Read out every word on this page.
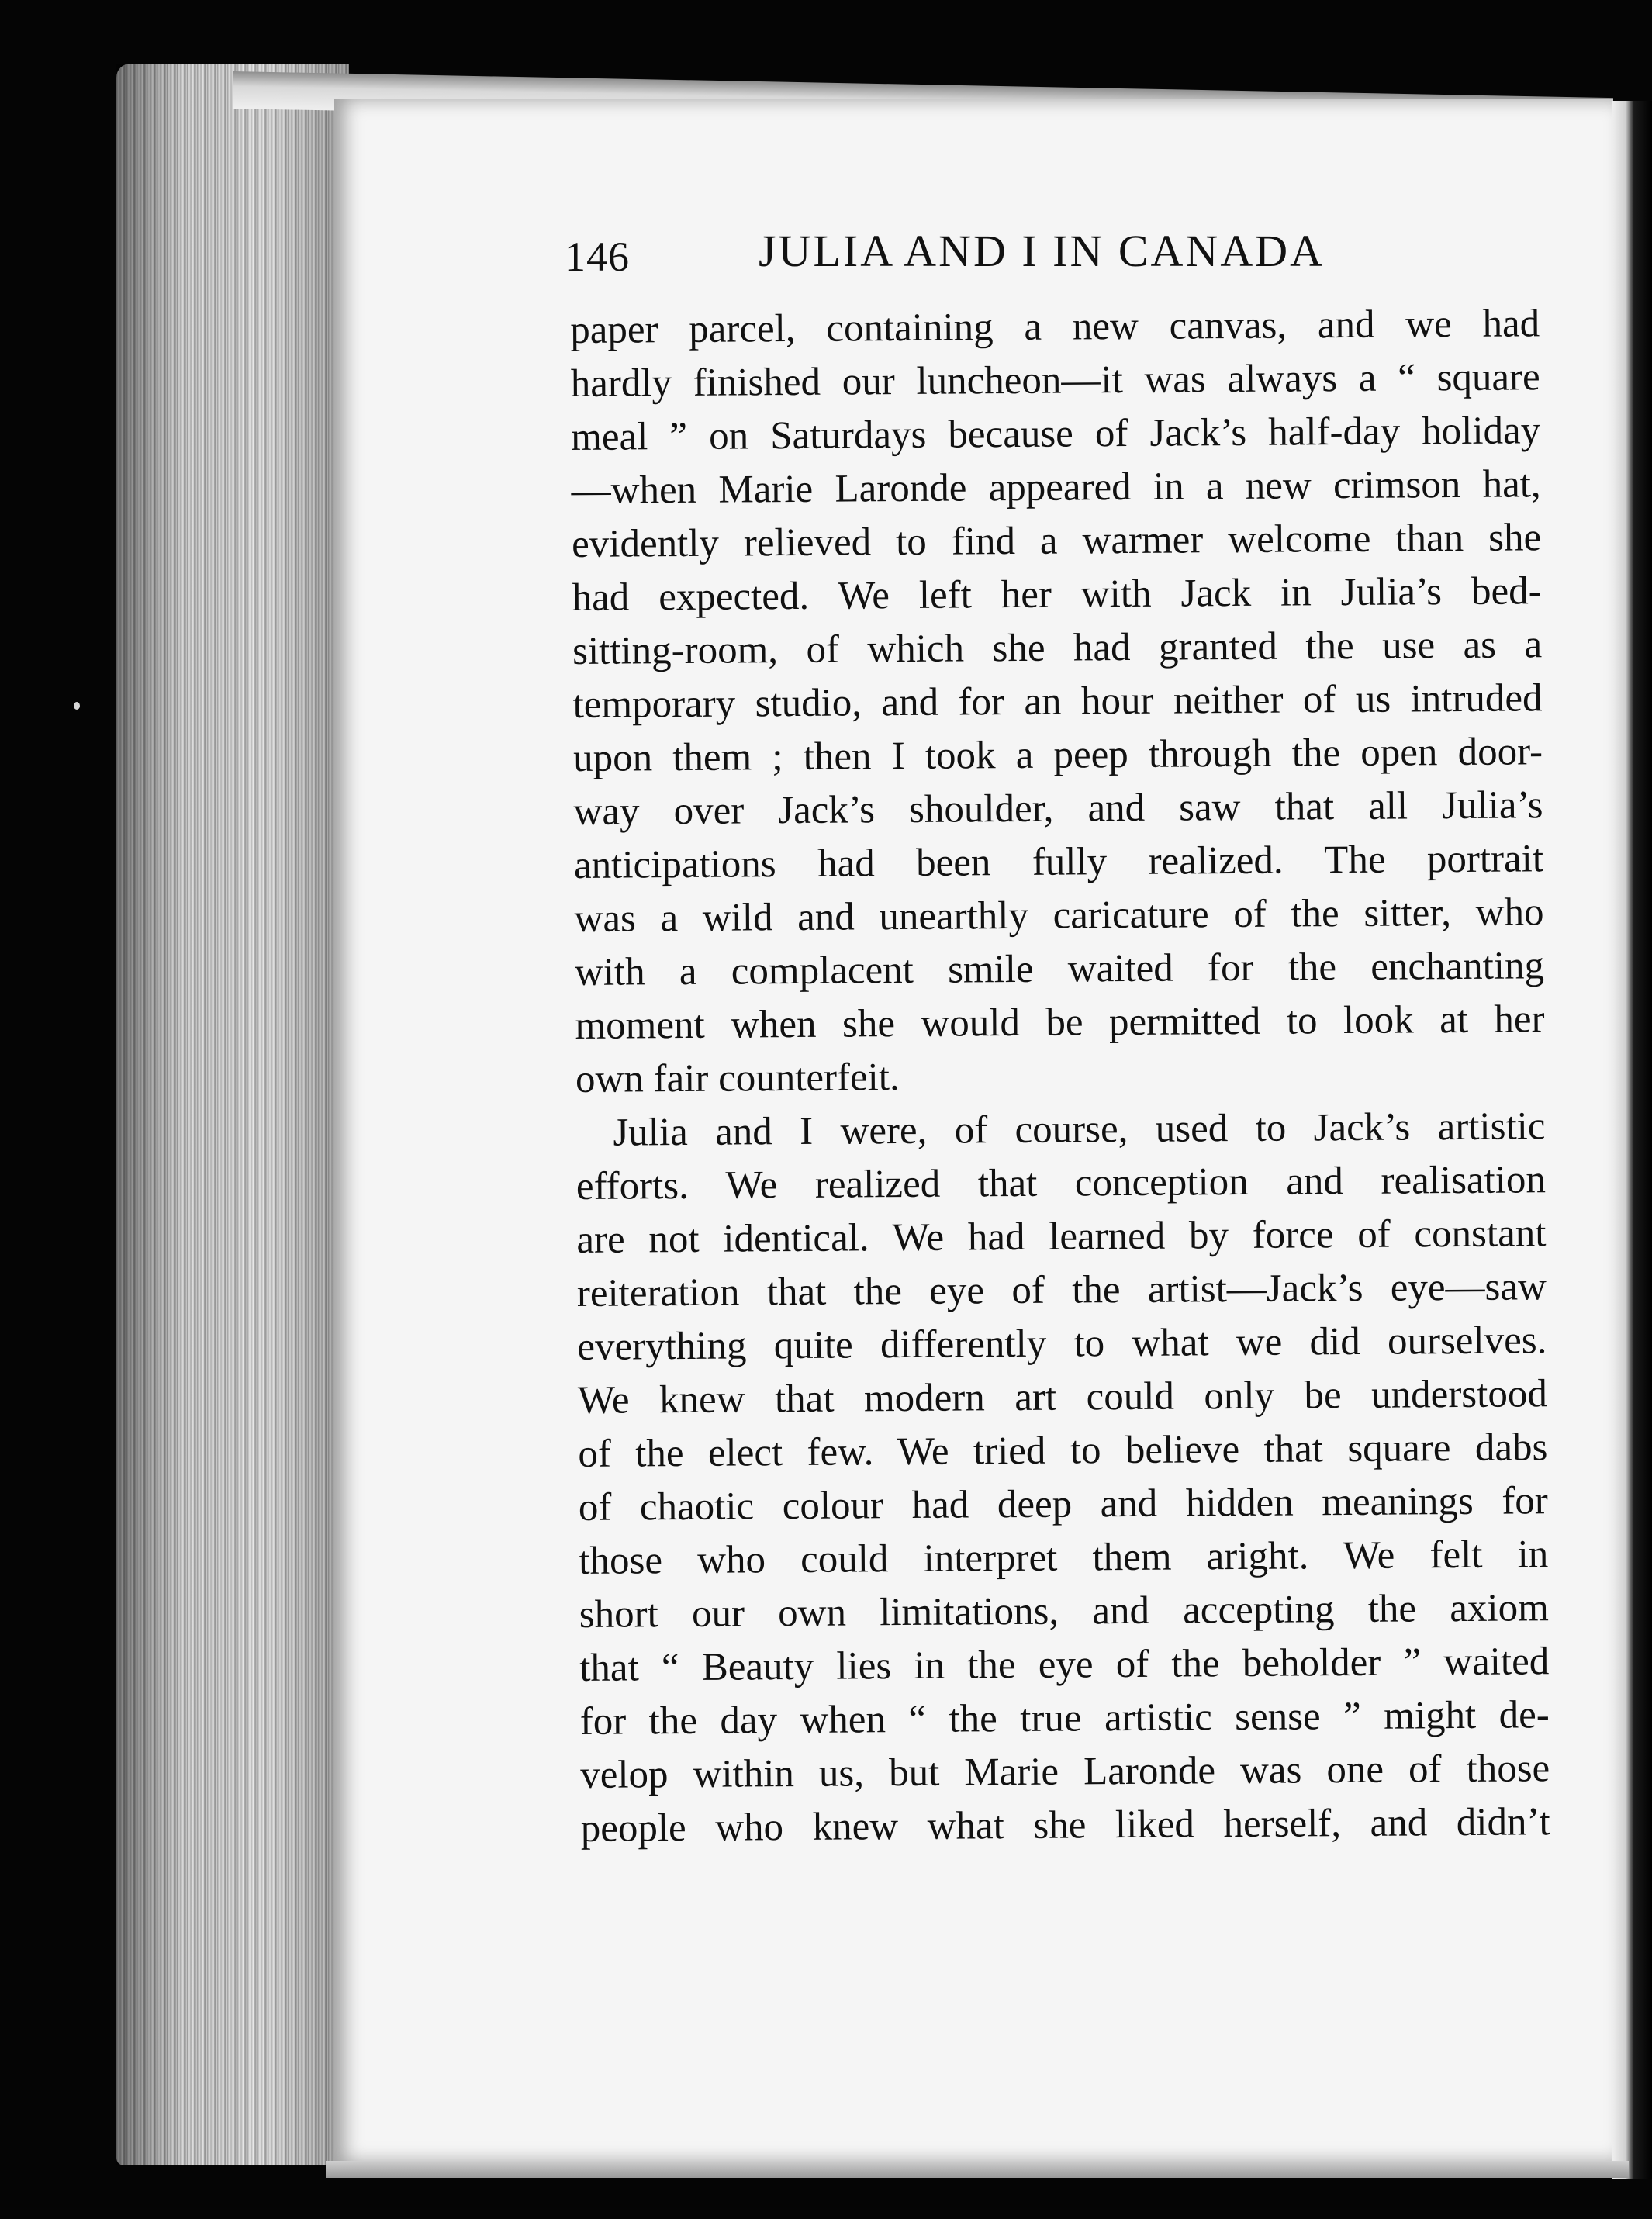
146	JULIA AND I IN CANADA
paper parcel, containing a new canvas, and we had
hardly finished our luncheon—it was always a “ square
meal ” on Saturdays because of Jack’s half-day holiday
—when Marie Laronde appeared in a new crimson hat,
evidently relieved to find a warmer welcome than she
had expected. We left her with Jack in Julia’s bed-
sitting-room, of which she had granted the use as a
temporary studio, and for an hour neither of us intruded
upon them ; then I took a peep through the open door-
way over Jack’s shoulder, and saw that all Julia’s
anticipations had been fully realized. The portrait
was a wild and unearthly caricature of the sitter, who
with a complacent smile waited for the enchanting
moment when she would be permitted to look at her
own fair counterfeit.
Julia and I were, of course, used to Jack’s artistic
efforts. We realized that conception and realisation
are not identical. We had learned by force of constant
reiteration that the eye of the artist—Jack’s eye—saw
everything quite differently to what we did ourselves.
We knew that modern art could only be understood
of the elect few. We tried to believe that square dabs
of chaotic colour had deep and hidden meanings for
those who could interpret them aright. We felt in
short our own limitations, and accepting the axiom
that “ Beauty lies in the eye of the beholder ” waited
for the day when “ the true artistic sense ” might de-
velop within us, but Marie Laronde was one of those
people who knew what she liked herself, and didn’t
